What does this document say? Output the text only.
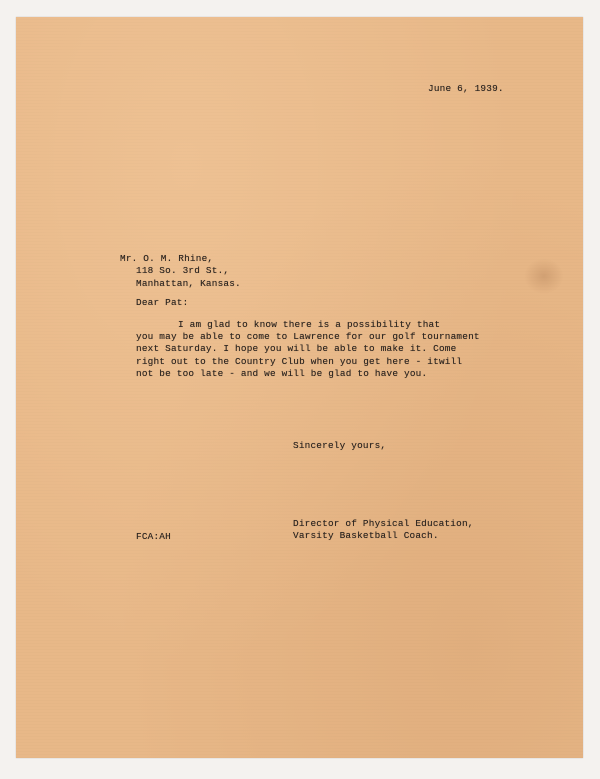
June 6, 1939.
Mr. O. M. Rhine,
118 So. 3rd St.,
Manhattan, Kansas.
Dear Pat:
I am glad to know there is a possibility that
you may be able to come to Lawrence for our golf tournament
next Saturday. I hope you will be able to make it. Come
right out to the Country Club when you get here - itwill
not be too late - and we will be glad to have you.
Sincerely yours,
Director of Physical Education,
Varsity Basketball Coach.
FCA:AH
